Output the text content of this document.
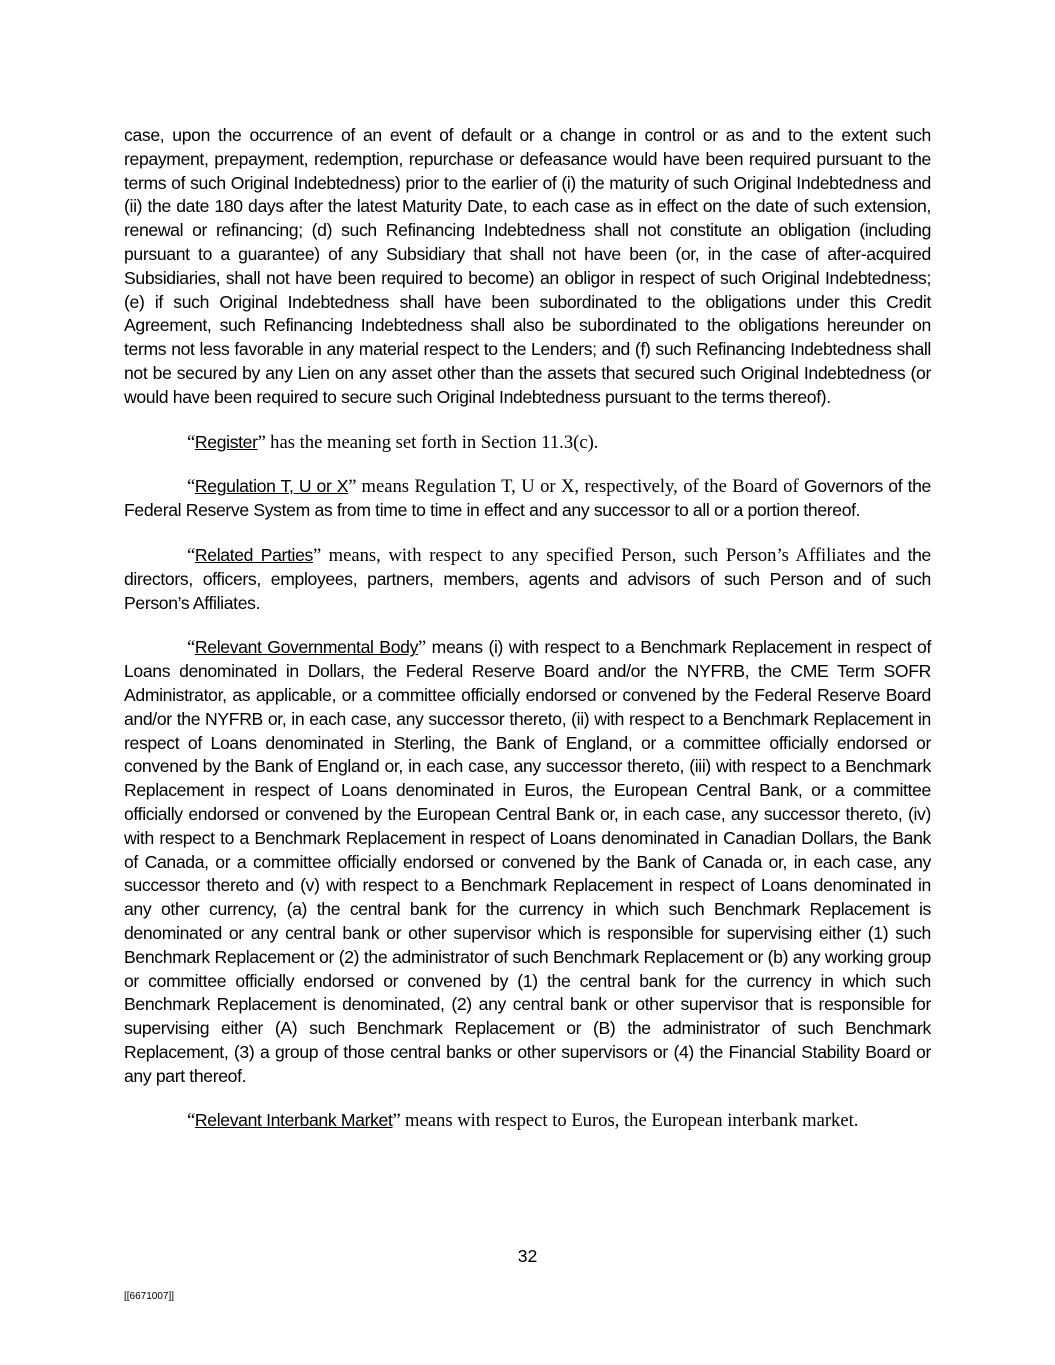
case, upon the occurrence of an event of default or a change in control or as and to the extent such repayment, prepayment, redemption, repurchase or defeasance would have been required pursuant to the terms of such Original Indebtedness) prior to the earlier of (i) the maturity of such Original Indebtedness and (ii) the date 180 days after the latest Maturity Date, to each case as in effect on the date of such extension, renewal or refinancing; (d) such Refinancing Indebtedness shall not constitute an obligation (including pursuant to a guarantee) of any Subsidiary that shall not have been (or, in the case of after-acquired Subsidiaries, shall not have been required to become) an obligor in respect of such Original Indebtedness; (e) if such Original Indebtedness shall have been subordinated to the obligations under this Credit Agreement, such Refinancing Indebtedness shall also be subordinated to the obligations hereunder on terms not less favorable in any material respect to the Lenders; and (f) such Refinancing Indebtedness shall not be secured by any Lien on any asset other than the assets that secured such Original Indebtedness (or would have been required to secure such Original Indebtedness pursuant to the terms thereof).

“Register” has the meaning set forth in Section 11.3(c).

“Regulation T, U or X” means Regulation T, U or X, respectively, of the Board of Governors of the Federal Reserve System as from time to time in effect and any successor to all or a portion thereof.

“Related Parties” means, with respect to any specified Person, such Person’s Affiliates and the directors, officers, employees, partners, members, agents and advisors of such Person and of such Person’s Affiliates.

“Relevant Governmental Body” means (i) with respect to a Benchmark Replacement in respect of Loans denominated in Dollars, the Federal Reserve Board and/or the NYFRB, the CME Term SOFR Administrator, as applicable, or a committee officially endorsed or convened by the Federal Reserve Board and/or the NYFRB or, in each case, any successor thereto, (ii) with respect to a Benchmark Replacement in respect of Loans denominated in Sterling, the Bank of England, or a committee officially endorsed or convened by the Bank of England or, in each case, any successor thereto, (iii) with respect to a Benchmark Replacement in respect of Loans denominated in Euros, the European Central Bank, or a committee officially endorsed or convened by the European Central Bank or, in each case, any successor thereto, (iv) with respect to a Benchmark Replacement in respect of Loans denominated in Canadian Dollars, the Bank of Canada, or a committee officially endorsed or convened by the Bank of Canada or, in each case, any successor thereto and (v) with respect to a Benchmark Replacement in respect of Loans denominated in any other currency, (a) the central bank for the currency in which such Benchmark Replacement is denominated or any central bank or other supervisor which is responsible for supervising either (1) such Benchmark Replacement or (2) the administrator of such Benchmark Replacement or (b) any working group or committee officially endorsed or convened by (1) the central bank for the currency in which such Benchmark Replacement is denominated, (2) any central bank or other supervisor that is responsible for supervising either (A) such Benchmark Replacement or (B) the administrator of such Benchmark Replacement, (3) a group of those central banks or other supervisors or (4) the Financial Stability Board or any part thereof.

“Relevant Interbank Market” means with respect to Euros, the European interbank market.

32
[[6671007]]
